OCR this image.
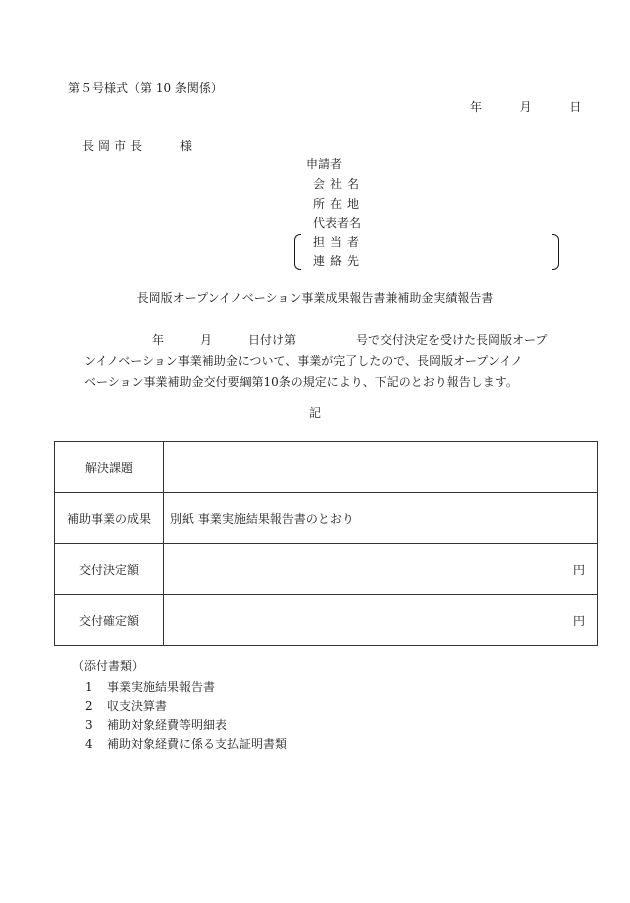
第５号様式（第 10 条関係）
年	月	日
長岡市長	様
申請者
会社名
所在地
代表者名
担当者
連絡先
長岡版オープンイノベーション事業成果報告書兼補助金実績報告書
年　　　月　　　日付け第　　　　　号で交付決定を受けた長岡版オープ
ンイノベーション事業補助金について、事業が完了したので、長岡版オープンイノ
ベーション事業補助金交付要綱第10条の規定により、下記のとおり報告します。
記
解決課題	
補助事業の成果	別紙 事業実施結果報告書のとおり
交付決定額	円
交付確定額	円
（添付書類）
1 事業実施結果報告書
2 収支決算書
3 補助対象経費等明細表
4 補助対象経費に係る支払証明書類
